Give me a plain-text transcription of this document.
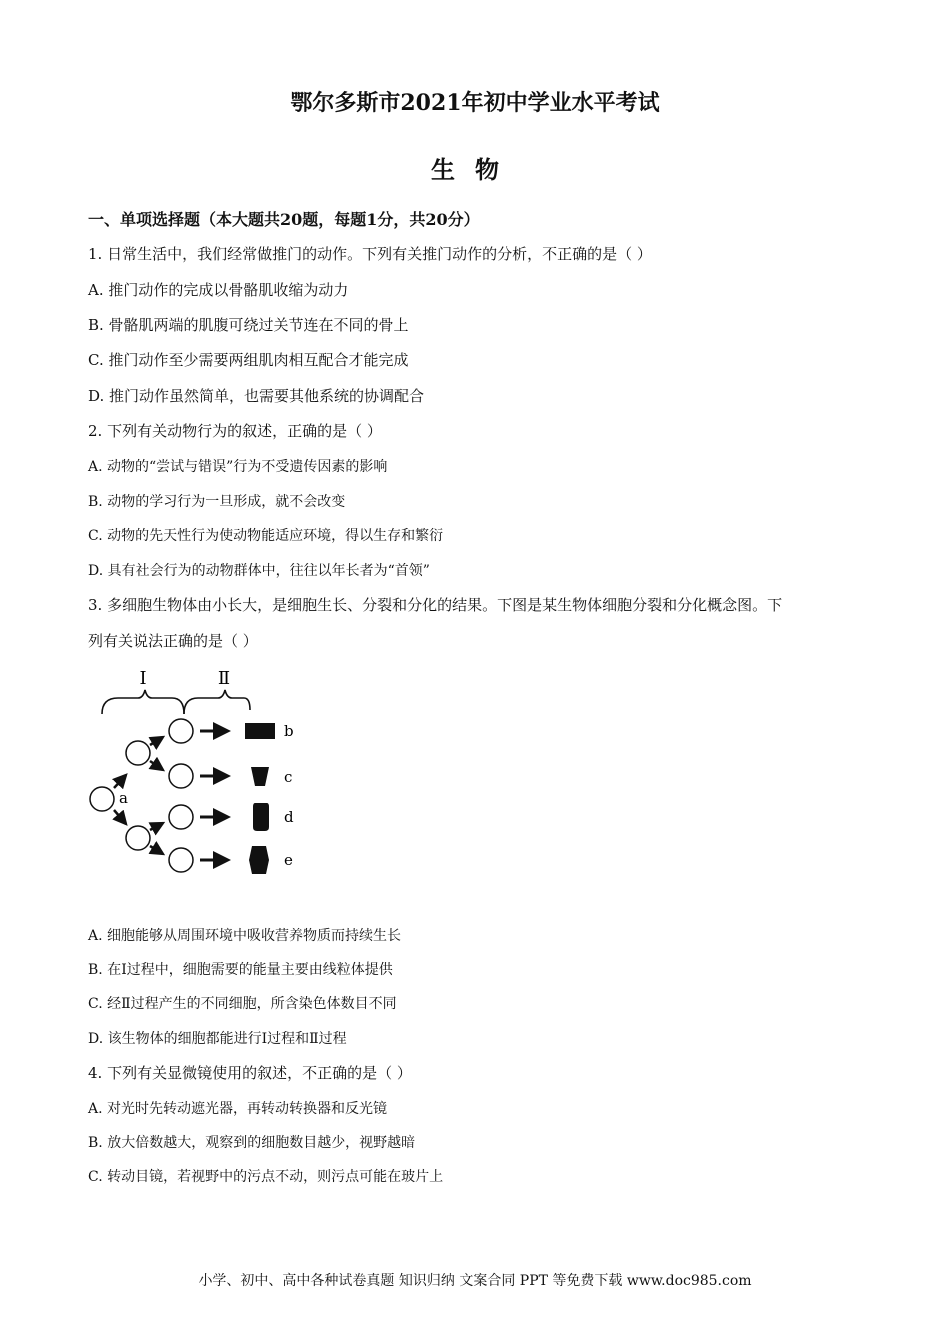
鄂尔多斯市2021年初中学业水平考试
生物
一、单项选择题（本大题共20题，每题1分，共20分）
1. 日常生活中，我们经常做推门的动作。下列有关推门动作的分析，不正确的是（ ）
A. 推门动作的完成以骨骼肌收缩为动力
B. 骨骼肌两端的肌腹可绕过关节连在不同的骨上
C. 推门动作至少需要两组肌肉相互配合才能完成
D. 推门动作虽然简单，也需要其他系统的协调配合
2. 下列有关动物行为的叙述，正确的是（ ）
A. 动物的“尝试与错误”行为不受遗传因素的影响
B. 动物的学习行为一旦形成，就不会改变
C. 动物的先天性行为使动物能适应环境，得以生存和繁衍
D. 具有社会行为的动物群体中，往往以年长者为“首领”
3. 多细胞生物体由小长大，是细胞生长、分裂和分化的结果。下图是某生物体细胞分裂和分化概念图。下
列有关说法正确的是（ ）
Ⅰ	Ⅱ
a
b
c
d
e
A. 细胞能够从周围环境中吸收营养物质而持续生长
B. 在Ⅰ过程中，细胞需要的能量主要由线粒体提供
C. 经Ⅱ过程产生的不同细胞，所含染色体数目不同
D. 该生物体的细胞都能进行Ⅰ过程和Ⅱ过程
4. 下列有关显微镜使用的叙述，不正确的是（ ）
A. 对光时先转动遮光器，再转动转换器和反光镜
B. 放大倍数越大，观察到的细胞数目越少，视野越暗
C. 转动目镜，若视野中的污点不动，则污点可能在玻片上
小学、初中、高中各种试卷真题 知识归纳 文案合同 PPT 等免费下载 www.doc985.com
